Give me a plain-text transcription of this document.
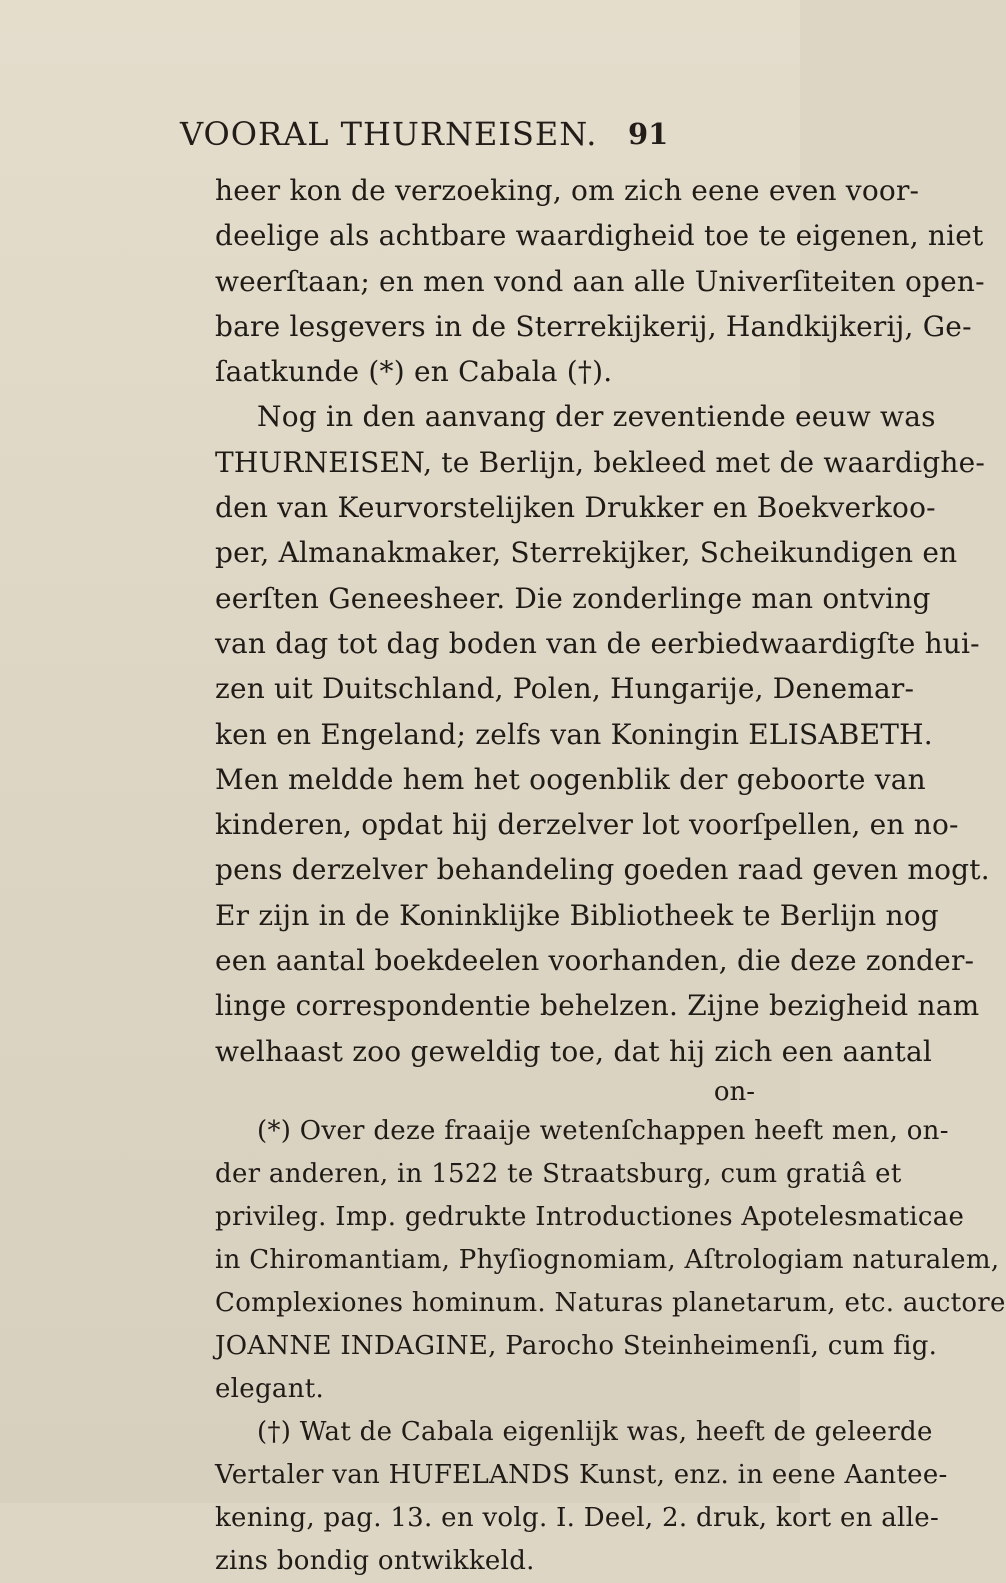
VOORAL THURNEISEN. 91
heer kon de verzoeking, om zich eene even voor-
deelige als achtbare waardigheid toe te eigenen, niet
weerſtaan; en men vond aan alle Univerſiteiten open-
bare lesgevers in de Sterrekijkerij, Handkijkerij, Ge-
ſaatkunde (*) en Cabala (†).
Nog in den aanvang der zeventiende eeuw was
THURNEISEN, te Berlijn, bekleed met de waardighe-
den van Keurvorstelijken Drukker en Boekverkoo-
per, Almanakmaker, Sterrekijker, Scheikundigen en
eerſten Geneesheer. Die zonderlinge man ontving
van dag tot dag boden van de eerbiedwaardigſte hui-
zen uit Duitschland, Polen, Hungarije, Denemar-
ken en Engeland; zelfs van Koningin ELISABETH.
Men meldde hem het oogenblik der geboorte van
kinderen, opdat hij derzelver lot voorſpellen, en no-
pens derzelver behandeling goeden raad geven mogt.
Er zijn in de Koninklijke Bibliotheek te Berlijn nog
een aantal boekdeelen voorhanden, die deze zonder-
linge correspondentie behelzen. Zijne bezigheid nam
welhaast zoo geweldig toe, dat hij zich een aantal
on-
(*) Over deze fraaije wetenſchappen heeft men, on-
der anderen, in 1522 te Straatsburg, cum gratiâ et
privileg. Imp. gedrukte Introductiones Apotelesmaticae
in Chiromantiam, Phyſiognomiam, Aſtrologiam naturalem,
Complexiones hominum. Naturas planetarum, etc. auctore
JOANNE INDAGINE, Parocho Steinheimenſi, cum fig.
elegant.
(†) Wat de Cabala eigenlijk was, heeft de geleerde
Vertaler van HUFELANDS Kunst, enz. in eene Aantee-
kening, pag. 13. en volg. I. Deel, 2. druk, kort en alle-
zins bondig ontwikkeld.
